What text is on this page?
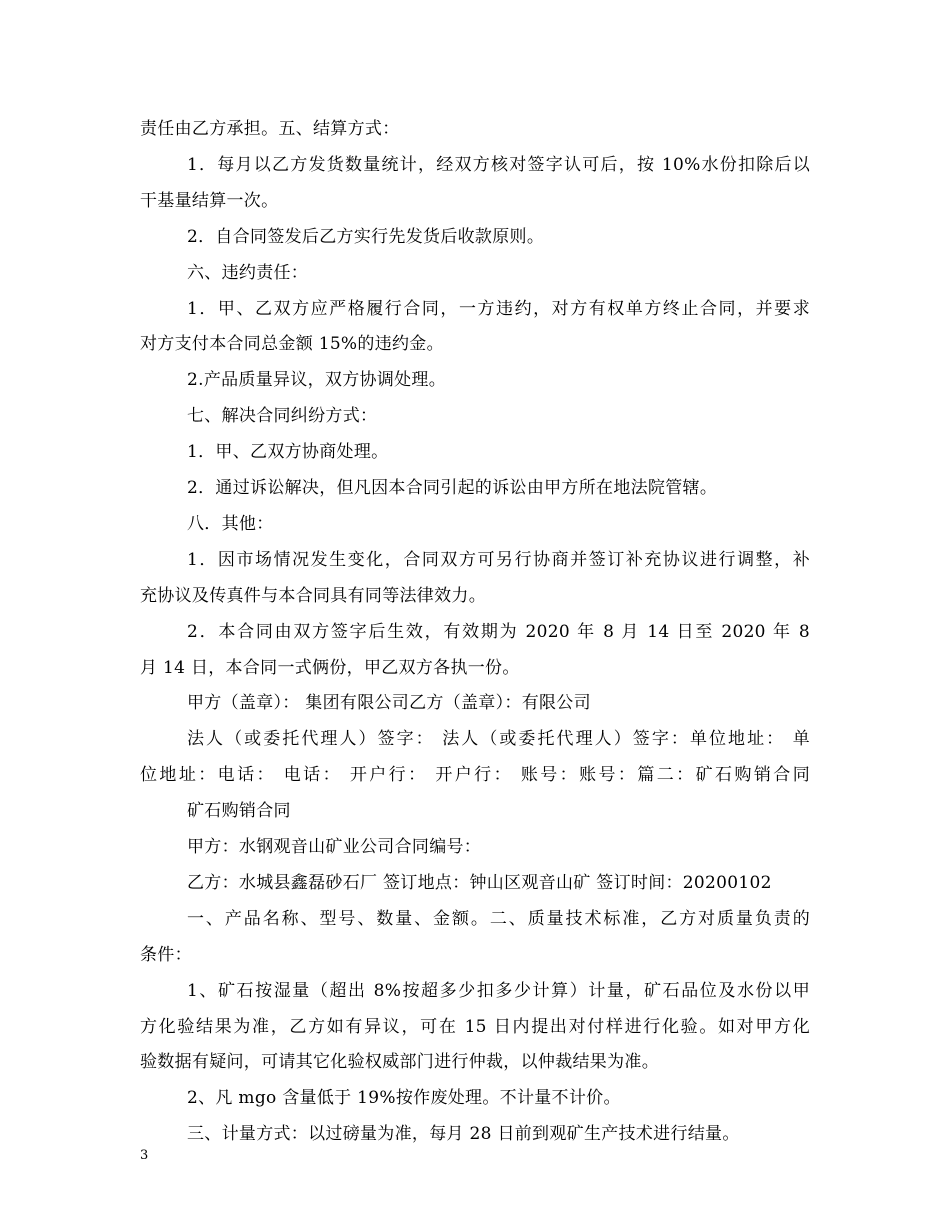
责任由乙方承担。五、结算方式：
1．每月以乙方发货数量统计，经双方核对签字认可后，按 10%水份扣除后以
干基量结算一次。
2．自合同签发后乙方实行先发货后收款原则。
六、违约责任：
1．甲、乙双方应严格履行合同，一方违约，对方有权单方终止合同，并要求
对方支付本合同总金额 15%的违约金。
2.产品质量异议，双方协调处理。
七、解决合同纠纷方式：
1．甲、乙双方协商处理。
2．通过诉讼解决，但凡因本合同引起的诉讼由甲方所在地法院管辖。
八．其他：
1．因市场情况发生变化，合同双方可另行协商并签订补充协议进行调整，补
充协议及传真件与本合同具有同等法律效力。
2．本合同由双方签字后生效，有效期为 2020 年 8 月 14 日至 2020 年 8
月 14 日，本合同一式俩份，甲乙双方各执一份。
甲方（盖章）： 集团有限公司乙方（盖章）：有限公司
法人（或委托代理人）签字： 法人（或委托代理人）签字：单位地址： 单
位地址：电话： 电话： 开户行： 开户行： 账号：账号：篇二：矿石购销合同
矿石购销合同
甲方：水钢观音山矿业公司合同编号：
乙方：水城县鑫磊砂石厂 签订地点：钟山区观音山矿 签订时间：20200102
一、产品名称、型号、数量、金额。二、质量技术标准，乙方对质量负责的
条件：
1、矿石按湿量（超出 8%按超多少扣多少计算）计量，矿石品位及水份以甲
方化验结果为准，乙方如有异议，可在 15 日内提出对付样进行化验。如对甲方化
验数据有疑问，可请其它化验权威部门进行仲裁，以仲裁结果为准。
2、凡 mgo 含量低于 19%按作废处理。不计量不计价。
三、计量方式：以过磅量为准，每月 28 日前到观矿生产技术进行结量。
3
